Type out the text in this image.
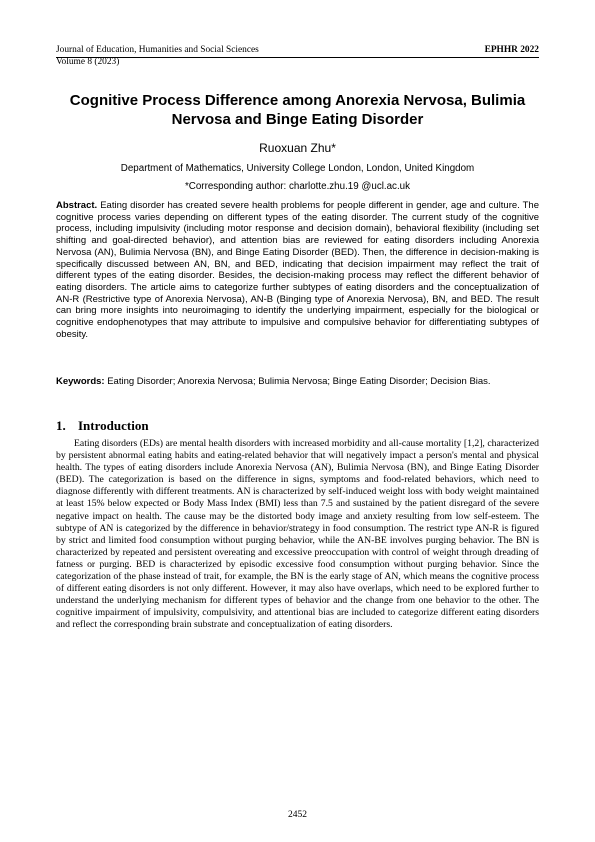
Journal of Education, Humanities and Social Sciences	EPHHR 2022
Volume 8 (2023)
Cognitive Process Difference among Anorexia Nervosa, Bulimia Nervosa and Binge Eating Disorder
Ruoxuan Zhu*
Department of Mathematics, University College London, London, United Kingdom
*Corresponding author: charlotte.zhu.19 @ucl.ac.uk
Abstract. Eating disorder has created severe health problems for people different in gender, age and culture. The cognitive process varies depending on different types of the eating disorder. The current study of the cognitive process, including impulsivity (including motor response and decision domain), behavioral flexibility (including set shifting and goal-directed behavior), and attention bias are reviewed for eating disorders including Anorexia Nervosa (AN), Bulimia Nervosa (BN), and Binge Eating Disorder (BED). Then, the difference in decision-making is specifically discussed between AN, BN, and BED, indicating that decision impairment may reflect the trait of different types of the eating disorder. Besides, the decision-making process may reflect the different behavior of eating disorders. The article aims to categorize further subtypes of eating disorders and the conceptualization of AN-R (Restrictive type of Anorexia Nervosa), AN-B (Binging type of Anorexia Nervosa), BN, and BED. The result can bring more insights into neuroimaging to identify the underlying impairment, especially for the biological or cognitive endophenotypes that may attribute to impulsive and compulsive behavior for differentiating subtypes of obesity.
Keywords: Eating Disorder; Anorexia Nervosa; Bulimia Nervosa; Binge Eating Disorder; Decision Bias.
1. Introduction

Eating disorders (EDs) are mental health disorders with increased morbidity and all-cause mortality [1,2], characterized by persistent abnormal eating habits and eating-related behavior that will negatively impact a person's mental and physical health. The types of eating disorders include Anorexia Nervosa (AN), Bulimia Nervosa (BN), and Binge Eating Disorder (BED). The categorization is based on the difference in signs, symptoms and food-related behaviors, which need to diagnose differently with different treatments. AN is characterized by self-induced weight loss with body weight maintained at least 15% below expected or Body Mass Index (BMI) less than 7.5 and sustained by the patient disregard of the severe negative impact on health. The cause may be the distorted body image and anxiety resulting from low self-esteem. The subtype of AN is categorized by the difference in behavior/strategy in food consumption. The restrict type AN-R is figured by strict and limited food consumption without purging behavior, while the AN-BE involves purging behavior. The BN is characterized by repeated and persistent overeating and excessive preoccupation with control of weight through dreading of fatness or purging. BED is characterized by episodic excessive food consumption without purging behavior. Since the categorization of the phase instead of trait, for example, the BN is the early stage of AN, which means the cognitive process of different eating disorders is not only different. However, it may also have overlaps, which need to be explored further to understand the underlying mechanism for different types of behavior and the change from one behavior to the other. The cognitive impairment of impulsivity, compulsivity, and attentional bias are included to categorize different eating disorders and reflect the corresponding brain substrate and conceptualization of eating disorders.

2452
